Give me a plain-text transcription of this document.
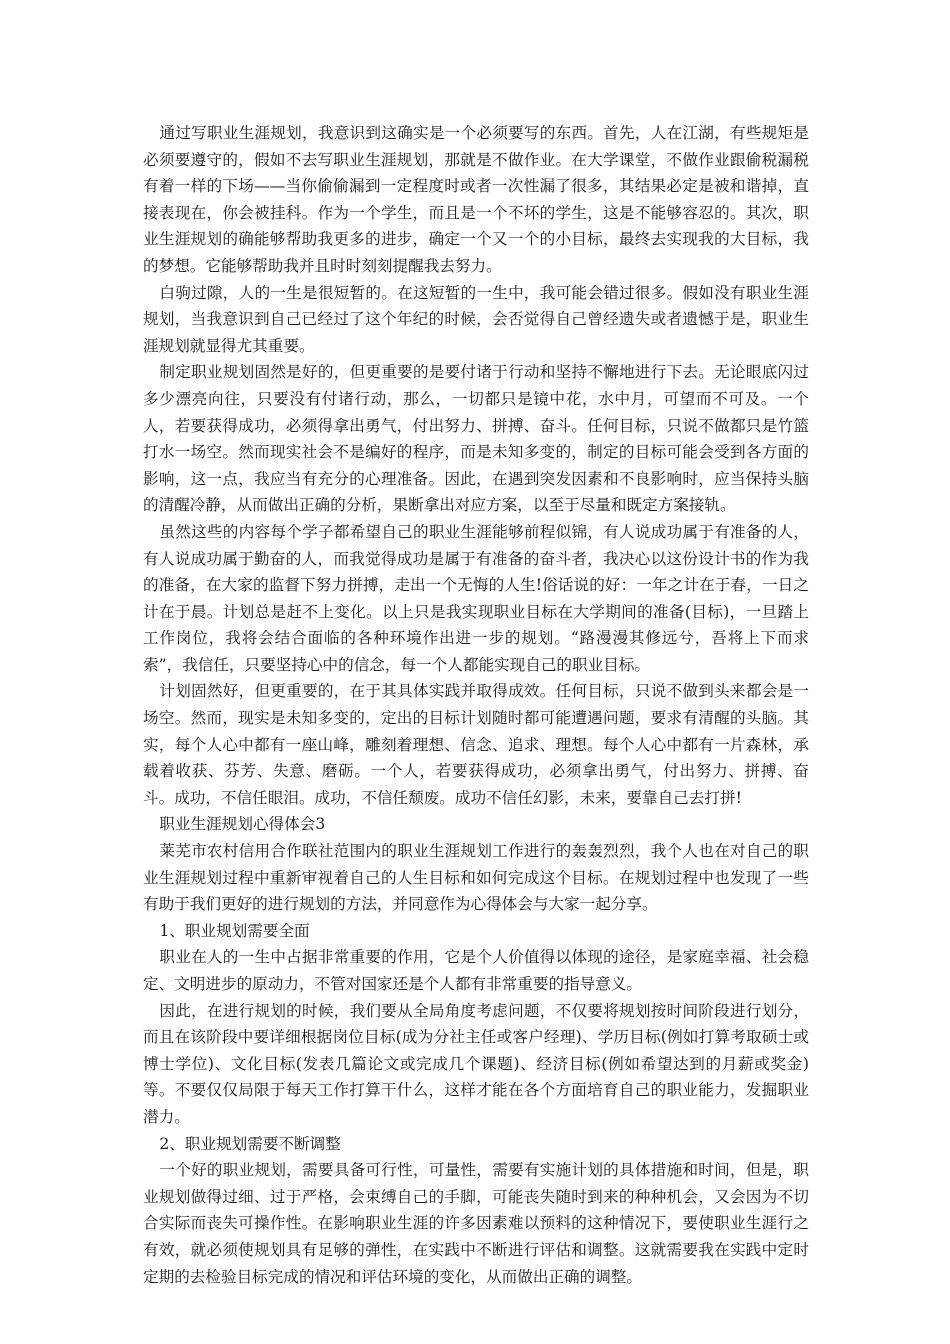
通过写职业生涯规划，我意识到这确实是一个必须要写的东西。首先，人在江湖，有些规矩是必须要遵守的，假如不去写职业生涯规划，那就是不做作业。在大学课堂，不做作业跟偷税漏税有着一样的下场——当你偷偷漏到一定程度时或者一次性漏了很多，其结果必定是被和谐掉，直接表现在，你会被挂科。作为一个学生，而且是一个不坏的学生，这是不能够容忍的。其次，职业生涯规划的确能够帮助我更多的进步，确定一个又一个的小目标，最终去实现我的大目标，我的梦想。它能够帮助我并且时时刻刻提醒我去努力。

白驹过隙，人的一生是很短暂的。在这短暂的一生中，我可能会错过很多。假如没有职业生涯规划，当我意识到自己已经过了这个年纪的时候，会否觉得自己曾经遗失或者遗憾于是，职业生涯规划就显得尤其重要。

制定职业规划固然是好的，但更重要的是要付诸于行动和坚持不懈地进行下去。无论眼底闪过多少漂亮向往，只要没有付诸行动，那么，一切都只是镜中花，水中月，可望而不可及。一个人，若要获得成功，必须得拿出勇气，付出努力、拼搏、奋斗。任何目标，只说不做都只是竹篮打水一场空。然而现实社会不是编好的程序，而是未知多变的，制定的目标可能会受到各方面的影响，这一点，我应当有充分的心理准备。因此，在遇到突发因素和不良影响时，应当保持头脑的清醒冷静，从而做出正确的分析，果断拿出对应方案，以至于尽量和既定方案接轨。

虽然这些的内容每个学子都希望自己的职业生涯能够前程似锦，有人说成功属于有准备的人，有人说成功属于勤奋的人，而我觉得成功是属于有准备的奋斗者，我决心以这份设计书的作为我的准备，在大家的监督下努力拼搏，走出一个无悔的人生!俗话说的好：一年之计在于春，一日之计在于晨。计划总是赶不上变化。以上只是我实现职业目标在大学期间的准备(目标)，一旦踏上工作岗位，我将会结合面临的各种环境作出进一步的规划。“路漫漫其修远兮，吾将上下而求索”，我信任，只要坚持心中的信念，每一个人都能实现自己的职业目标。

计划固然好，但更重要的，在于其具体实践并取得成效。任何目标，只说不做到头来都会是一场空。然而，现实是未知多变的，定出的目标计划随时都可能遭遇问题，要求有清醒的头脑。其实，每个人心中都有一座山峰，雕刻着理想、信念、追求、理想。每个人心中都有一片森林，承载着收获、芬芳、失意、磨砺。一个人，若要获得成功，必须拿出勇气，付出努力、拼搏、奋斗。成功，不信任眼泪。成功，不信任颓废。成功不信任幻影，未来，要靠自己去打拼!

职业生涯规划心得体会3

莱芜市农村信用合作联社范围内的职业生涯规划工作进行的轰轰烈烈，我个人也在对自己的职业生涯规划过程中重新审视着自己的人生目标和如何完成这个目标。在规划过程中也发现了一些有助于我们更好的进行规划的方法，并同意作为心得体会与大家一起分享。

1、职业规划需要全面

职业在人的一生中占据非常重要的作用，它是个人价值得以体现的途径，是家庭幸福、社会稳定、文明进步的原动力，不管对国家还是个人都有非常重要的指导意义。

因此，在进行规划的时候，我们要从全局角度考虑问题，不仅要将规划按时间阶段进行划分，而且在该阶段中要详细根据岗位目标(成为分社主任或客户经理)、学历目标(例如打算考取硕士或博士学位)、文化目标(发表几篇论文或完成几个课题)、经济目标(例如希望达到的月薪或奖金)等。不要仅仅局限于每天工作打算干什么，这样才能在各个方面培育自己的职业能力，发掘职业潜力。

2、职业规划需要不断调整

一个好的职业规划，需要具备可行性，可量性，需要有实施计划的具体措施和时间，但是，职业规划做得过细、过于严格，会束缚自己的手脚，可能丧失随时到来的种种机会，又会因为不切合实际而丧失可操作性。在影响职业生涯的许多因素难以预料的这种情况下，要使职业生涯行之有效，就必须使规划具有足够的弹性，在实践中不断进行评估和调整。这就需要我在实践中定时定期的去检验目标完成的情况和评估环境的变化，从而做出正确的调整。
